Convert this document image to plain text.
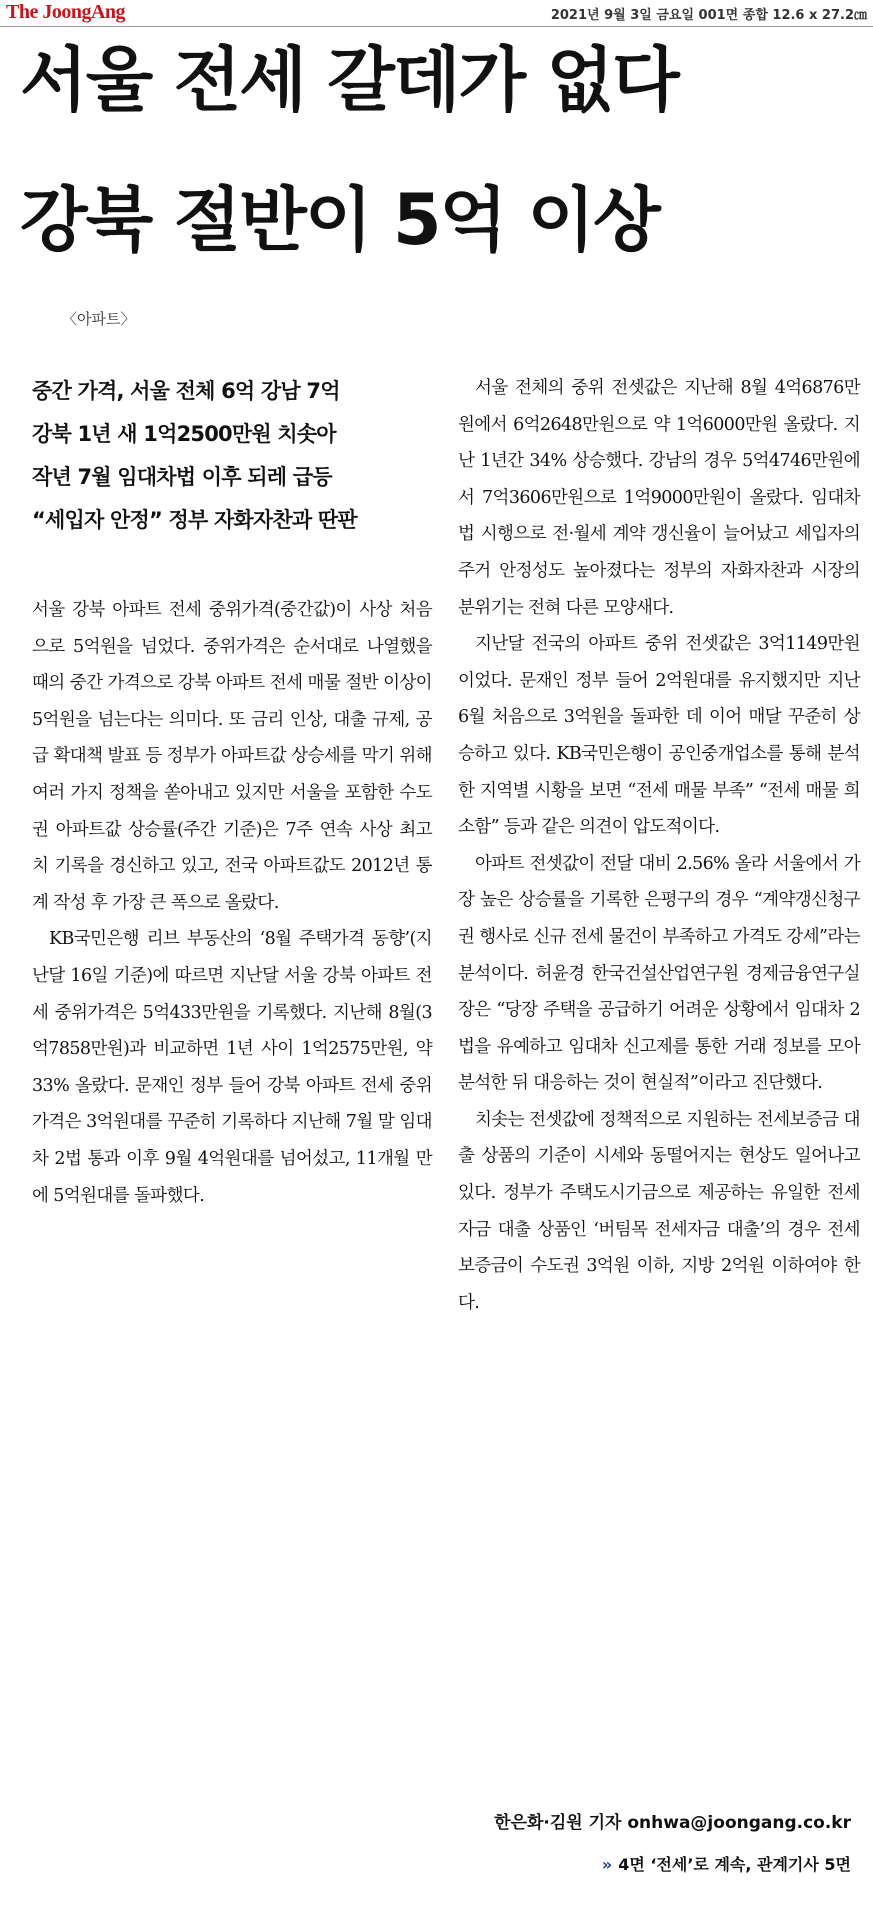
The JoongAng	2021년 9월 3일 금요일 001면 종합 12.6 x 27.2㎝
서울 전세 갈데가 없다
강북 절반이 5억 이상
〈아파트〉
중간 가격, 서울 전체 6억 강남 7억
강북 1년 새 1억2500만원 치솟아
작년 7월 임대차법 이후 되레 급등
“세입자 안정” 정부 자화자찬과 딴판

서울 강북 아파트 전세 중위가격(중간값)이 사상 처음으로 5억원을 넘었다. 중위가격은 순서대로 나열했을 때의 중간 가격으로 강북 아파트 전세 매물 절반 이상이 5억원을 넘는다는 의미다. 또 금리 인상, 대출 규제, 공급 확대책 발표 등 정부가 아파트값 상승세를 막기 위해 여러 가지 정책을 쏟아내고 있지만 서울을 포함한 수도권 아파트값 상승률(주간 기준)은 7주 연속 사상 최고치 기록을 경신하고 있고, 전국 아파트값도 2012년 통계 작성 후 가장 큰 폭으로 올랐다.

KB국민은행 리브 부동산의 ‘8월 주택가격 동향’(지난달 16일 기준)에 따르면 지난달 서울 강북 아파트 전세 중위가격은 5억433만원을 기록했다. 지난해 8월(3억7858만원)과 비교하면 1년 사이 1억2575만원, 약 33% 올랐다. 문재인 정부 들어 강북 아파트 전세 중위가격은 3억원대를 꾸준히 기록하다 지난해 7월 말 임대차 2법 통과 이후 9월 4억원대를 넘어섰고, 11개월 만에 5억원대를 돌파했다.

서울 전체의 중위 전셋값은 지난해 8월 4억6876만원에서 6억2648만원으로 약 1억6000만원 올랐다. 지난 1년간 34% 상승했다. 강남의 경우 5억4746만원에서 7억3606만원으로 1억9000만원이 올랐다. 임대차법 시행으로 전·월세 계약 갱신율이 늘어났고 세입자의 주거 안정성도 높아졌다는 정부의 자화자찬과 시장의 분위기는 전혀 다른 모양새다.

지난달 전국의 아파트 중위 전셋값은 3억1149만원이었다. 문재인 정부 들어 2억원대를 유지했지만 지난 6월 처음으로 3억원을 돌파한 데 이어 매달 꾸준히 상승하고 있다. KB국민은행이 공인중개업소를 통해 분석한 지역별 시황을 보면 “전세 매물 부족” “전세 매물 희소함” 등과 같은 의견이 압도적이다.

아파트 전셋값이 전달 대비 2.56% 올라 서울에서 가장 높은 상승률을 기록한 은평구의 경우 “계약갱신청구권 행사로 신규 전세 물건이 부족하고 가격도 강세”라는 분석이다. 허윤경 한국건설산업연구원 경제금융연구실장은 “당장 주택을 공급하기 어려운 상황에서 임대차 2법을 유예하고 임대차 신고제를 통한 거래 정보를 모아 분석한 뒤 대응하는 것이 현실적”이라고 진단했다.

치솟는 전셋값에 정책적으로 지원하는 전세보증금 대출 상품의 기준이 시세와 동떨어지는 현상도 일어나고 있다. 정부가 주택도시기금으로 제공하는 유일한 전세자금 대출 상품인 ‘버팀목 전세자금 대출’의 경우 전세보증금이 수도권 3억원 이하, 지방 2억원 이하여야 한다.

한은화·김원 기자 onhwa@joongang.co.kr
» 4면 ‘전세’로 계속, 관계기사 5면
